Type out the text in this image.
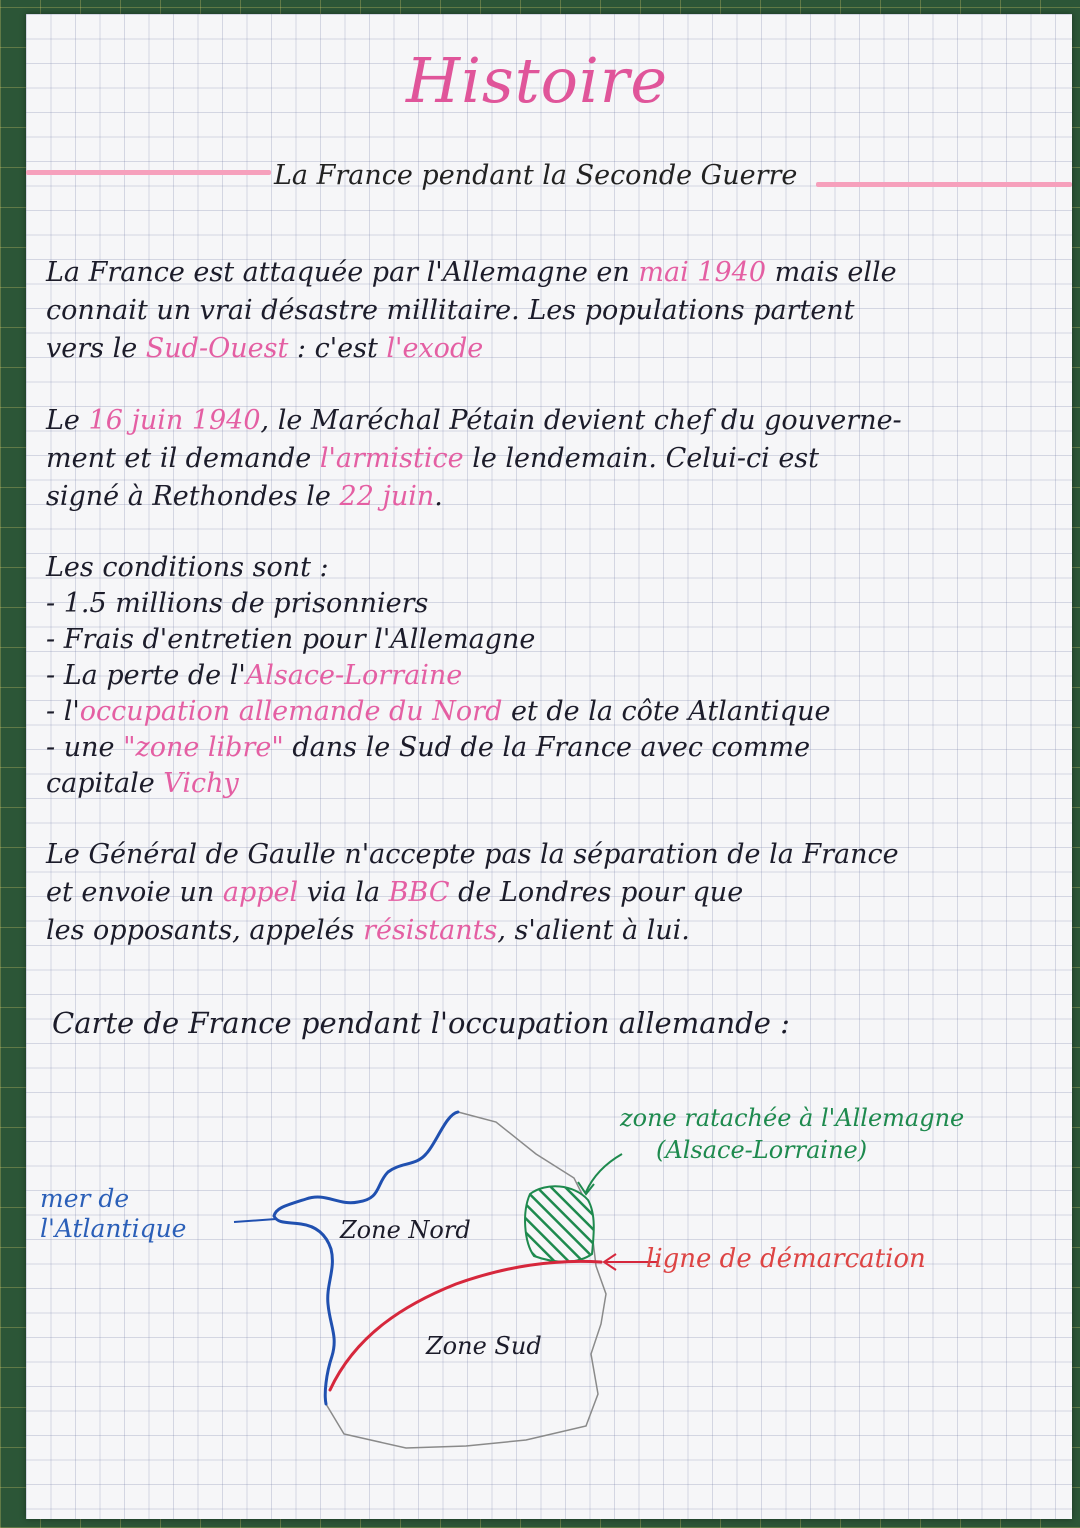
Histoire
La France pendant la Seconde Guerre
La France est attaquée par l'Allemagne en mai 1940 mais elle
connait un vrai désastre millitaire. Les populations partent
vers le Sud-Ouest : c'est l'exode
Le 16 juin 1940, le Maréchal Pétain devient chef du gouverne-
ment et il demande l'armistice le lendemain. Celui-ci est
signé à Rethondes le 22 juin.
Les conditions sont :
- 1.5 millions de prisonniers
- Frais d'entretien pour l'Allemagne
- La perte de l'Alsace-Lorraine
- l'occupation allemande du Nord et de la côte Atlantique
- une "zone libre" dans le Sud de la France avec comme
capitale Vichy
Le Général de Gaulle n'accepte pas la séparation de la France
et envoie un appel via la BBC de Londres pour que
les opposants, appelés résistants, s'alient à lui.
Carte de France pendant l'occupation allemande :
mer de
l'Atlantique	Zone Nord
Zone Sud
zone ratachée à l'Allemagne
(Alsace-Lorraine)
ligne de démarcation
